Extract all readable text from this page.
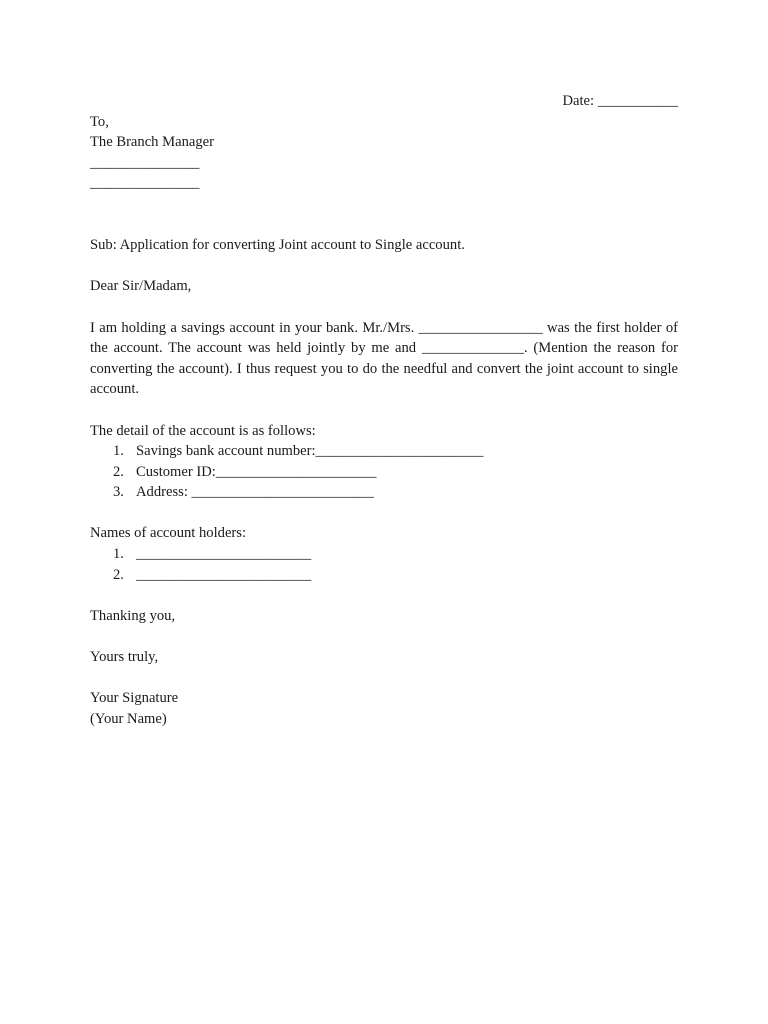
Date: ___________

To,

The Branch Manager

_______________

_______________

Sub: Application for converting Joint account to Single account.

Dear Sir/Madam,

I am holding a savings account in your bank. Mr./Mrs. _________________ was the first holder of the account. The account was held jointly by me and ______________. (Mention the reason for converting the account). I thus request you to do the needful and convert the joint account to single account.

The detail of the account is as follows:

1. Savings bank account number:_______________________
2. Customer ID:______________________
3. Address: _________________________

Names of account holders:

1. ________________________
2. ________________________

Thanking you,

Yours truly,

Your Signature

(Your Name)
